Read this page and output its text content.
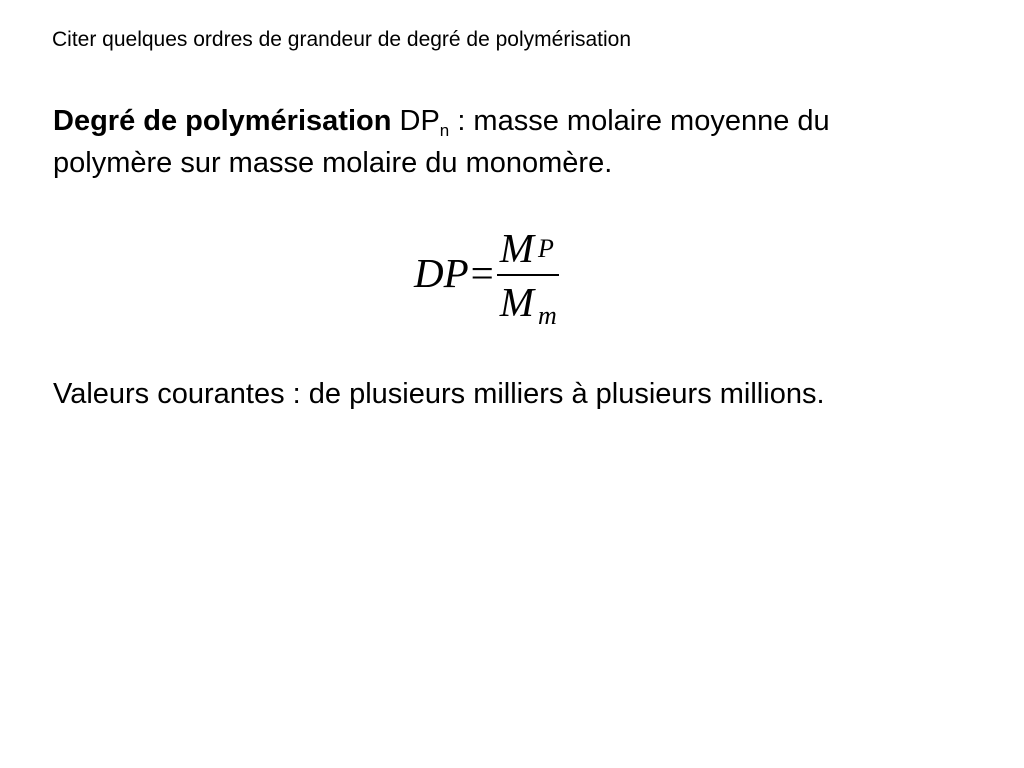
Citer quelques ordres de grandeur de degré de polymérisation
Degré de polymérisation $DP_n$ : masse molaire moyenne du polymère sur masse molaire du monomère.
DP = $\frac{M _P}{M _m}$
Valeurs courantes : de plusieurs milliers à plusieurs millions.
